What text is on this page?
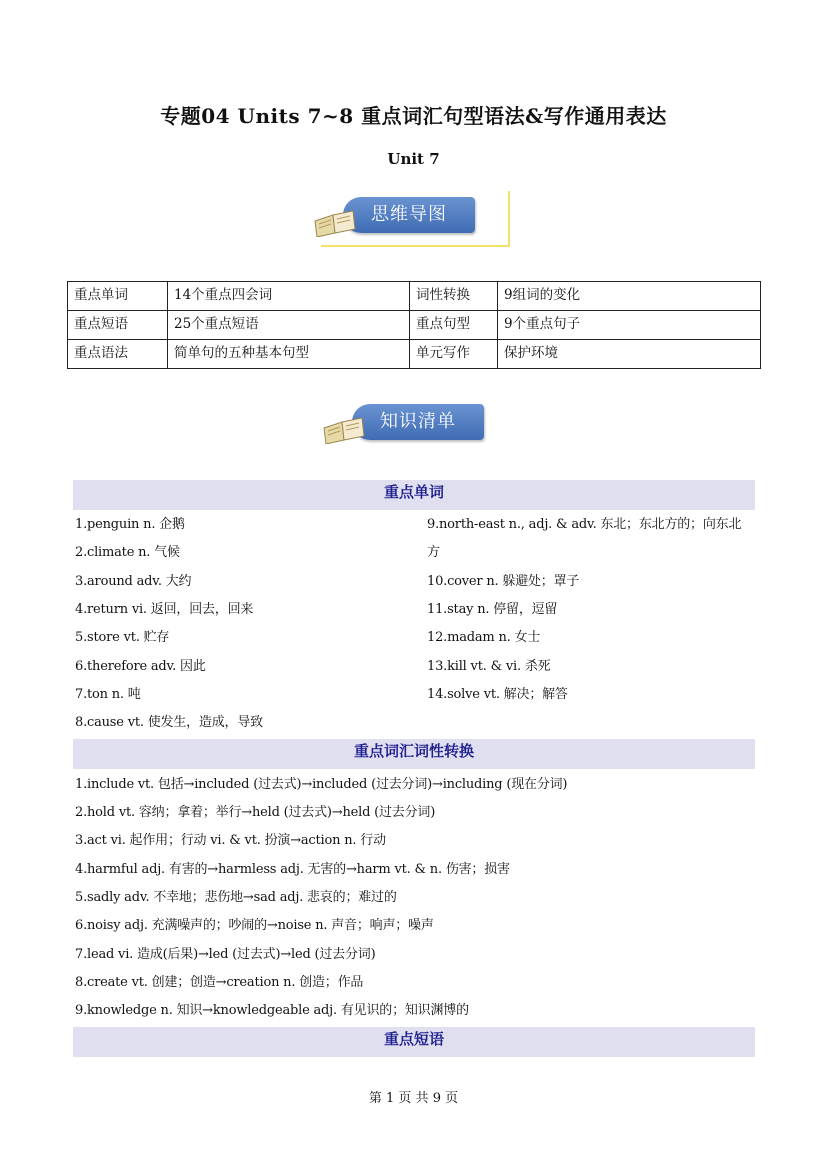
专题04 Units 7~8 重点词汇句型语法&写作通用表达
Unit 7
思维导图
重点单词	14个重点四会词	词性转换	9组词的变化
重点短语	25个重点短语	重点句型	9个重点句子
重点语法	简单句的五种基本句型	单元写作	保护环境
知识清单
重点单词
1.penguin n. 企鹅
2.climate n. 气候
3.around adv. 大约
4.return vi. 返回，回去，回来
5.store vt. 贮存
6.therefore adv. 因此
7.ton n. 吨
8.cause vt. 使发生，造成，导致
9.north-east n., adj. & adv. 东北；东北方的；向东北
方
10.cover n. 躲避处；罩子
11.stay n. 停留，逗留
12.madam n. 女士
13.kill vt. & vi. 杀死
14.solve vt. 解决；解答
重点词汇词性转换
1.include vt. 包括→included (过去式)→included (过去分词)→including (现在分词)
2.hold vt. 容纳；拿着；举行→held (过去式)→held (过去分词)
3.act vi. 起作用；行动 vi. & vt. 扮演→action n. 行动
4.harmful adj. 有害的→harmless adj. 无害的→harm vt. & n. 伤害；损害
5.sadly adv. 不幸地；悲伤地→sad adj. 悲哀的；难过的
6.noisy adj. 充满噪声的；吵闹的→noise n. 声音；响声；噪声
7.lead vi. 造成(后果)→led (过去式)→led (过去分词)
8.create vt. 创建；创造→creation n. 创造；作品
9.knowledge n. 知识→knowledgeable adj. 有见识的；知识渊博的
重点短语
第 1 页 共 9 页
